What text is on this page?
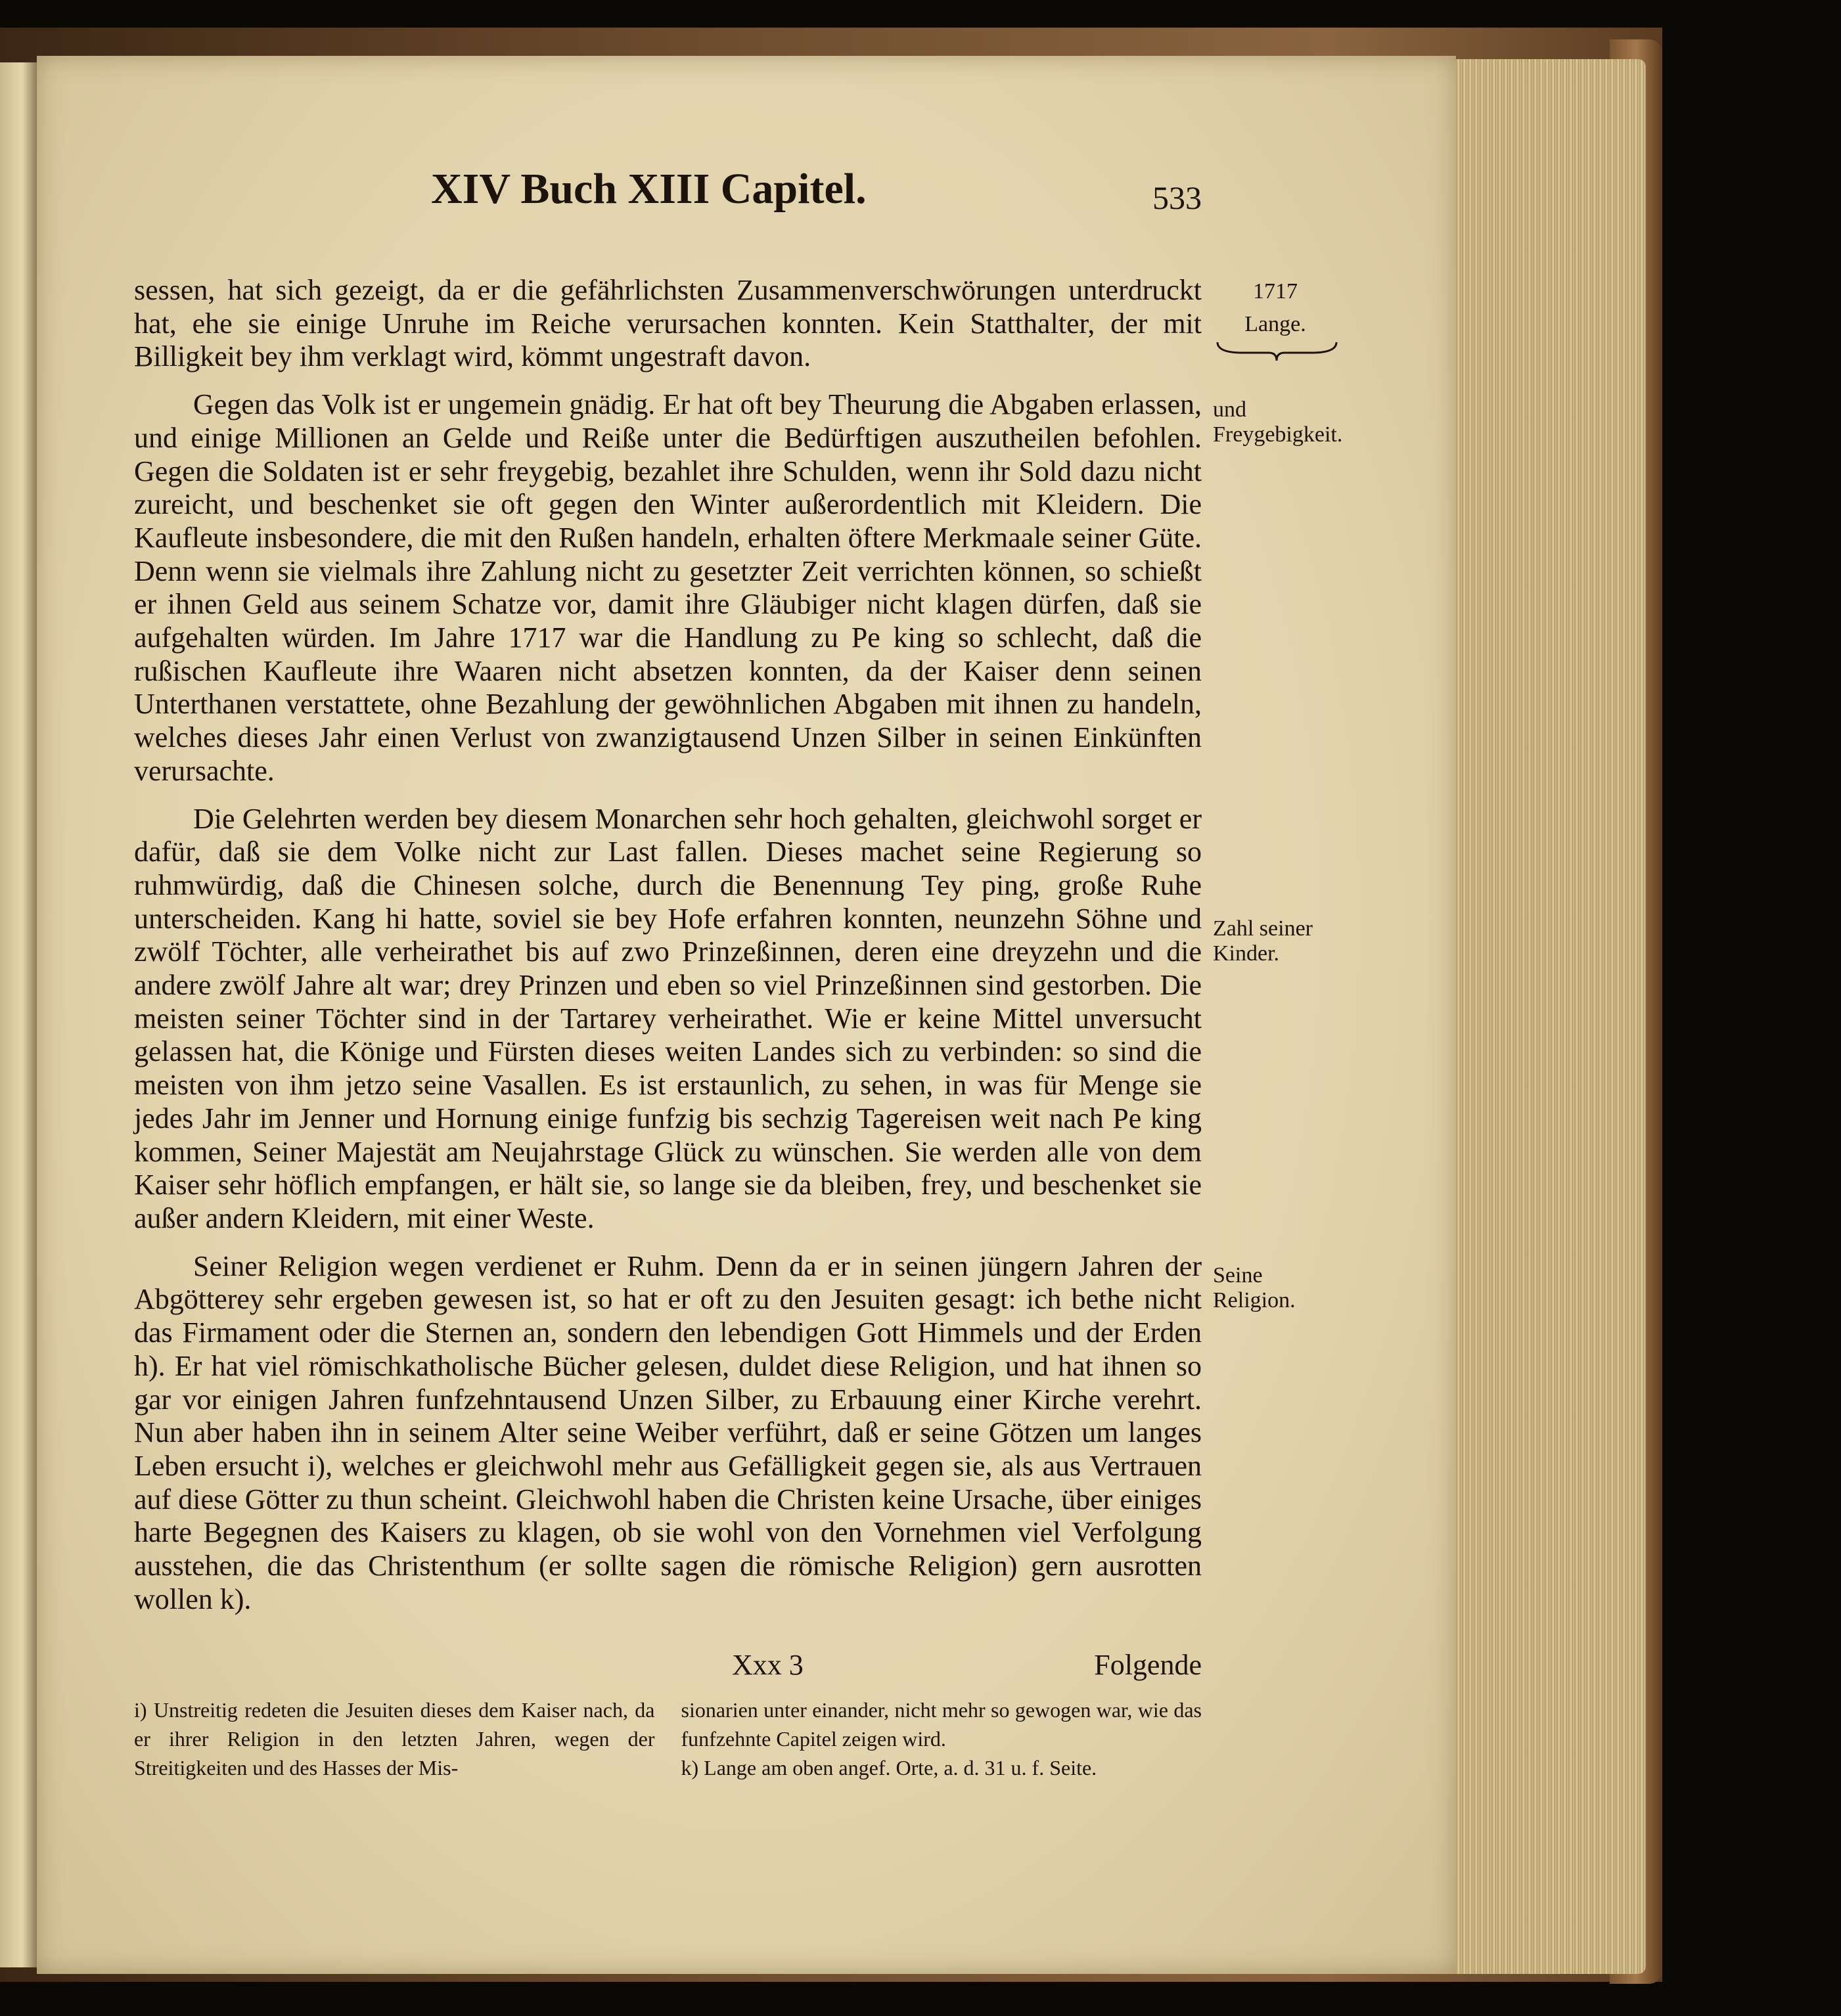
XIV Buch XIII Capitel.	533

sessen, hat sich gezeigt, da er die gefährlichsten Zusammenverschwörungen unterdruckt hat, ehe sie einige Unruhe im Reiche verursachen konnten. Kein Statthalter, der mit Billigkeit bey ihm verklagt wird, kömmt ungestraft davon.

Gegen das Volk ist er ungemein gnädig. Er hat oft bey Theurung die Abgaben erlassen, und einige Millionen an Gelde und Reiße unter die Bedürftigen auszutheilen befohlen. Gegen die Soldaten ist er sehr freygebig, bezahlet ihre Schulden, wenn ihr Sold dazu nicht zureicht, und beschenket sie oft gegen den Winter außerordentlich mit Kleidern. Die Kaufleute insbesondere, die mit den Rußen handeln, erhalten öftere Merkmaale seiner Güte. Denn wenn sie vielmals ihre Zahlung nicht zu gesetzter Zeit verrichten können, so schießt er ihnen Geld aus seinem Schatze vor, damit ihre Gläubiger nicht klagen dürfen, daß sie aufgehalten würden. Im Jahre 1717 war die Handlung zu Pe king so schlecht, daß die rußischen Kaufleute ihre Waaren nicht absetzen konnten, da der Kaiser denn seinen Unterthanen verstattete, ohne Bezahlung der gewöhnlichen Abgaben mit ihnen zu handeln, welches dieses Jahr einen Verlust von zwanzigtausend Unzen Silber in seinen Einkünften verursachte.

Die Gelehrten werden bey diesem Monarchen sehr hoch gehalten, gleichwohl sorget er dafür, daß sie dem Volke nicht zur Last fallen. Dieses machet seine Regierung so ruhmwürdig, daß die Chinesen solche, durch die Benennung Tey ping, große Ruhe unterscheiden. Kang hi hatte, soviel sie bey Hofe erfahren konnten, neunzehn Söhne und zwölf Töchter, alle verheirathet bis auf zwo Prinzeßinnen, deren eine dreyzehn und die andere zwölf Jahre alt war; drey Prinzen und eben so viel Prinzeßinnen sind gestorben. Die meisten seiner Töchter sind in der Tartarey verheirathet. Wie er keine Mittel unversucht gelassen hat, die Könige und Fürsten dieses weiten Landes sich zu verbinden: so sind die meisten von ihm jetzo seine Vasallen. Es ist erstaunlich, zu sehen, in was für Menge sie jedes Jahr im Jenner und Hornung einige funfzig bis sechzig Tagereisen weit nach Pe king kommen, Seiner Majestät am Neujahrstage Glück zu wünschen. Sie werden alle von dem Kaiser sehr höflich empfangen, er hält sie, so lange sie da bleiben, frey, und beschenket sie außer andern Kleidern, mit einer Weste.

Seiner Religion wegen verdienet er Ruhm. Denn da er in seinen jüngern Jahren der Abgötterey sehr ergeben gewesen ist, so hat er oft zu den Jesuiten gesagt: ich bethe nicht das Firmament oder die Sternen an, sondern den lebendigen Gott Himmels und der Erden h). Er hat viel römischkatholische Bücher gelesen, duldet diese Religion, und hat ihnen so gar vor einigen Jahren funfzehntausend Unzen Silber, zu Erbauung einer Kirche verehrt. Nun aber haben ihn in seinem Alter seine Weiber verführt, daß er seine Götzen um langes Leben ersucht i), welches er gleichwohl mehr aus Gefälligkeit gegen sie, als aus Vertrauen auf diese Götter zu thun scheint. Gleichwohl haben die Christen keine Ursache, über einiges harte Begegnen des Kaisers zu klagen, ob sie wohl von den Vornehmen viel Verfolgung ausstehen, die das Christenthum (er sollte sagen die römische Religion) gern ausrotten wollen k).

1717
Lange.
und Freygebigkeit.
Zahl seiner Kinder.
Seine Religion.
Xxx 3	Folgende

i) Unstreitig redeten die Jesuiten dieses dem Kaiser nach, da er ihrer Religion in den letzten Jahren, wegen der Streitigkeiten und des Hasses der Mis-

sionarien unter einander, nicht mehr so gewogen war, wie das funfzehnte Capitel zeigen wird.

k) Lange am oben angef. Orte, a. d. 31 u. f. Seite.
